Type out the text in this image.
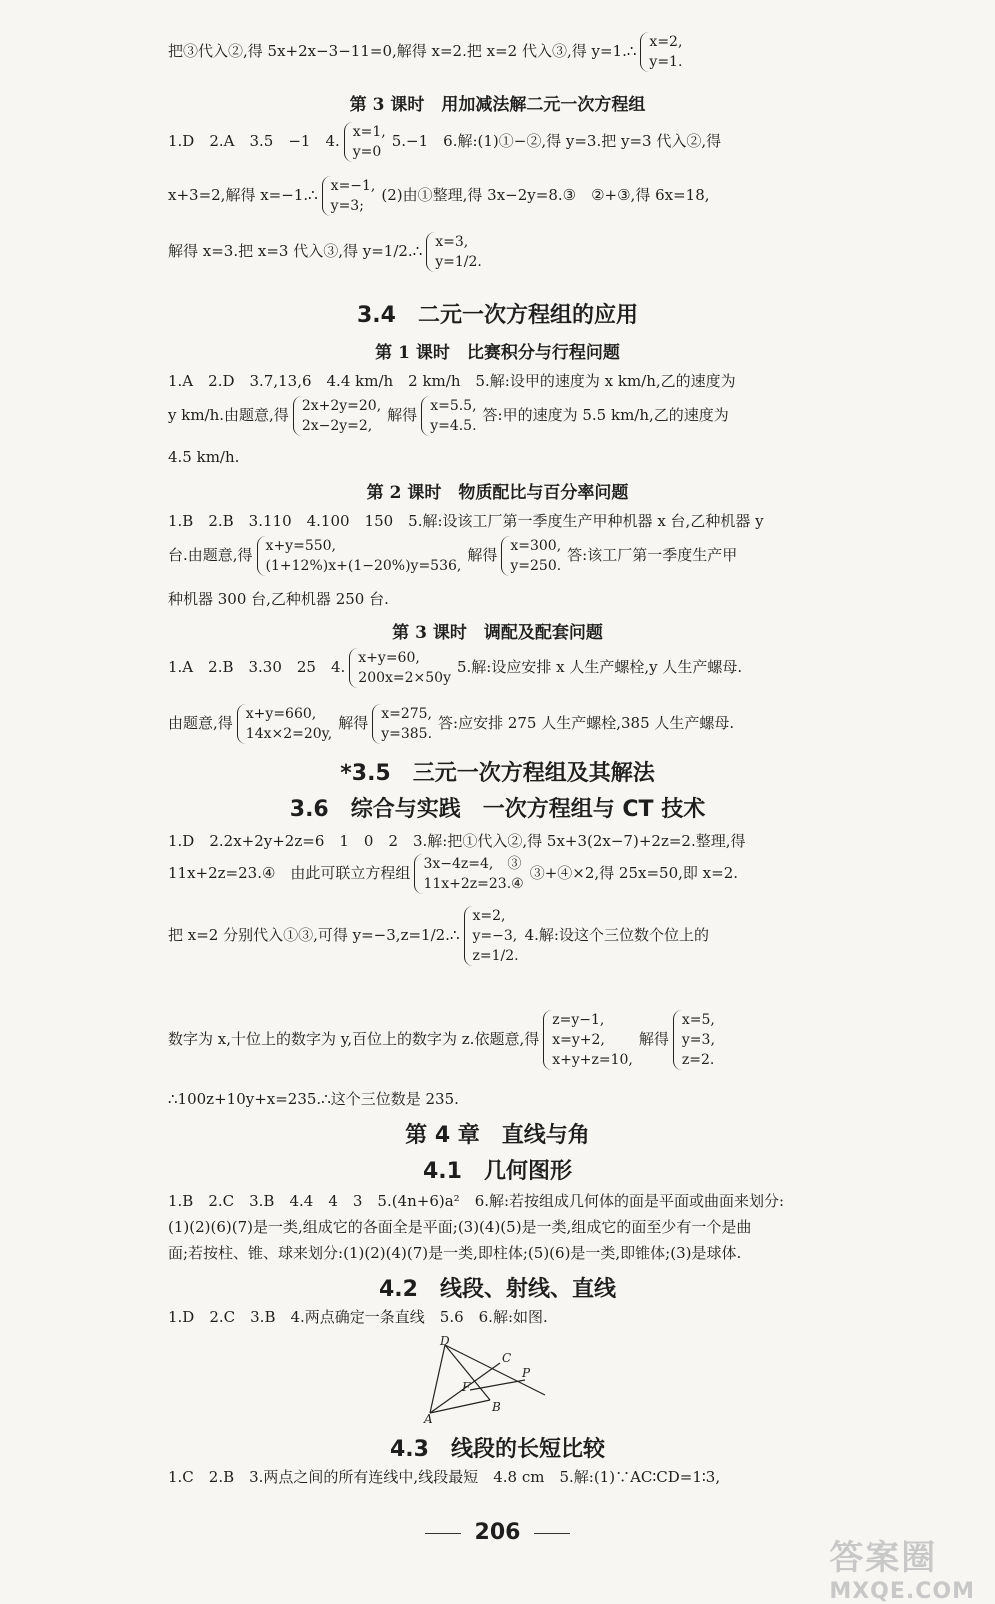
把③代入②,得 5x+2x−3−11=0,解得 x=2.把 x=2 代入③,得 y=1.∴ x=2,
y=1.
第 3 课时　用加减法解二元一次方程组
1.D　2.A　3.5　−1　4. x=1,
y=0
5.−1　6.解:(1)①−②,得 y=3.把 y=3 代入②,得
x+3=2,解得 x=−1.∴ x=−1,
y=3;
(2)由①整理,得 3x−2y=8.③　②+③,得 6x=18,
解得 x=3.把 x=3 代入③,得 y=1/2.∴ x=3,
y=1/2.
3.4　二元一次方程组的应用
第 1 课时　比赛积分与行程问题
1.A　2.D　3.7,13,6　4.4 km/h　2 km/h　5.解:设甲的速度为 x km/h,乙的速度为
y km/h.由题意,得 2x+2y=20,
2x−2y=2,
解得 x=5.5,
y=4.5.
答:甲的速度为 5.5 km/h,乙的速度为
4.5 km/h.
第 2 课时　物质配比与百分率问题
1.B　2.B　3.110　4.100　150　5.解:设该工厂第一季度生产甲种机器 x 台,乙种机器 y
台.由题意,得 x+y=550,
(1+12%)x+(1−20%)y=536,
解得 x=300,
y=250.
答:该工厂第一季度生产甲
种机器 300 台,乙种机器 250 台.
第 3 课时　调配及配套问题
1.A　2.B　3.30　25　4. x+y=60,
200x=2×50y
5.解:设应安排 x 人生产螺栓,y 人生产螺母.
由题意,得 x+y=660,
14x×2=20y,
解得 x=275,
y=385.
答:应安排 275 人生产螺栓,385 人生产螺母.
*3.5　三元一次方程组及其解法
3.6　综合与实践　一次方程组与 CT 技术
1.D　2.2x+2y+2z=6　1　0　2　3.解:把①代入②,得 5x+3(2x−7)+2z=2.整理,得
11x+2z=23.④　由此可联立方程组 3x−4z=4,　③
11x+2z=23.④
③+④×2,得 25x=50,即 x=2.
把 x=2 分别代入①③,可得 y=−3,z=1/2.∴
x=2,
y=−3,
z=1/2.
4.解:设这个三位数个位上的
数字为 x,十位上的数字为 y,百位上的数字为 z.依题意,得
z=y−1,
x=y+2,
x+y+z=10,
解得
x=5,
y=3,
z=2.
∴100z+10y+x=235.∴这个三位数是 235.
第 4 章　直线与角
4.1　几何图形
1.B　2.C　3.B　4.4　4　3　5.(4n+6)a²　6.解:若按组成几何体的面是平面或曲面来划分:
(1)(2)(6)(7)是一类,组成它的各面全是平面;(3)(4)(5)是一类,组成它的面至少有一个是曲
面;若按柱、锥、球来划分:(1)(2)(4)(7)是一类,即柱体;(5)(6)是一类,即锥体;(3)是球体.
4.2　线段、射线、直线
1.D　2.C　3.B　4.两点确定一条直线　5.6　6.解:如图.
D
C
F
P
A
B
4.3　线段的长短比较
1.C　2.B　3.两点之间的所有连线中,线段最短　4.8 cm　5.解:(1)∵AC∶CD=1∶3,
206
答案圈
MXQE.COM
